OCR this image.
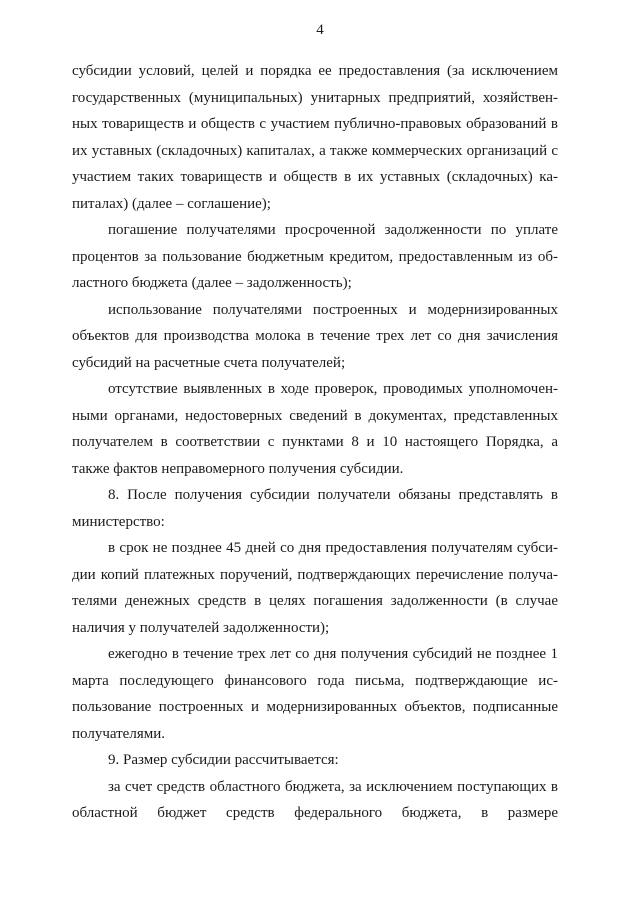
4

субсидии условий, целей и порядка ее предоставления (за исключением государственных (муниципальных) унитарных предприятий, хозяйствен-ных товариществ и обществ с участием публично-правовых образований в их уставных (складочных) капиталах, а также коммерческих организаций с участием таких товариществ и обществ в их уставных (складочных) ка-питалах) (далее – соглашение);

погашение получателями просроченной задолженности по уплате процентов за пользование бюджетным кредитом, предоставленным из об-ластного бюджета (далее – задолженность);

использование получателями построенных и модернизированных объектов для производства молока в течение трех лет со дня зачисления субсидий на расчетные счета получателей;

отсутствие выявленных в ходе проверок, проводимых уполномочен-ными органами, недостоверных сведений в документах, представленных получателем в соответствии с пунктами 8 и 10 настоящего Порядка, а также фактов неправомерного получения субсидии.

8. После получения субсидии получатели обязаны представлять в министерство:

в срок не позднее 45 дней со дня предоставления получателям субси-дии копий платежных поручений, подтверждающих перечисление получа-телями денежных средств в целях погашения задолженности (в случае наличия у получателей задолженности);

ежегодно в течение трех лет со дня получения субсидий не позднее 1 марта последующего финансового года письма, подтверждающие ис-пользование построенных и модернизированных объектов, подписанные получателями.

9. Размер субсидии рассчитывается:

за счет средств областного бюджета, за исключением поступающих в областной бюджет средств федерального бюджета, в размере
